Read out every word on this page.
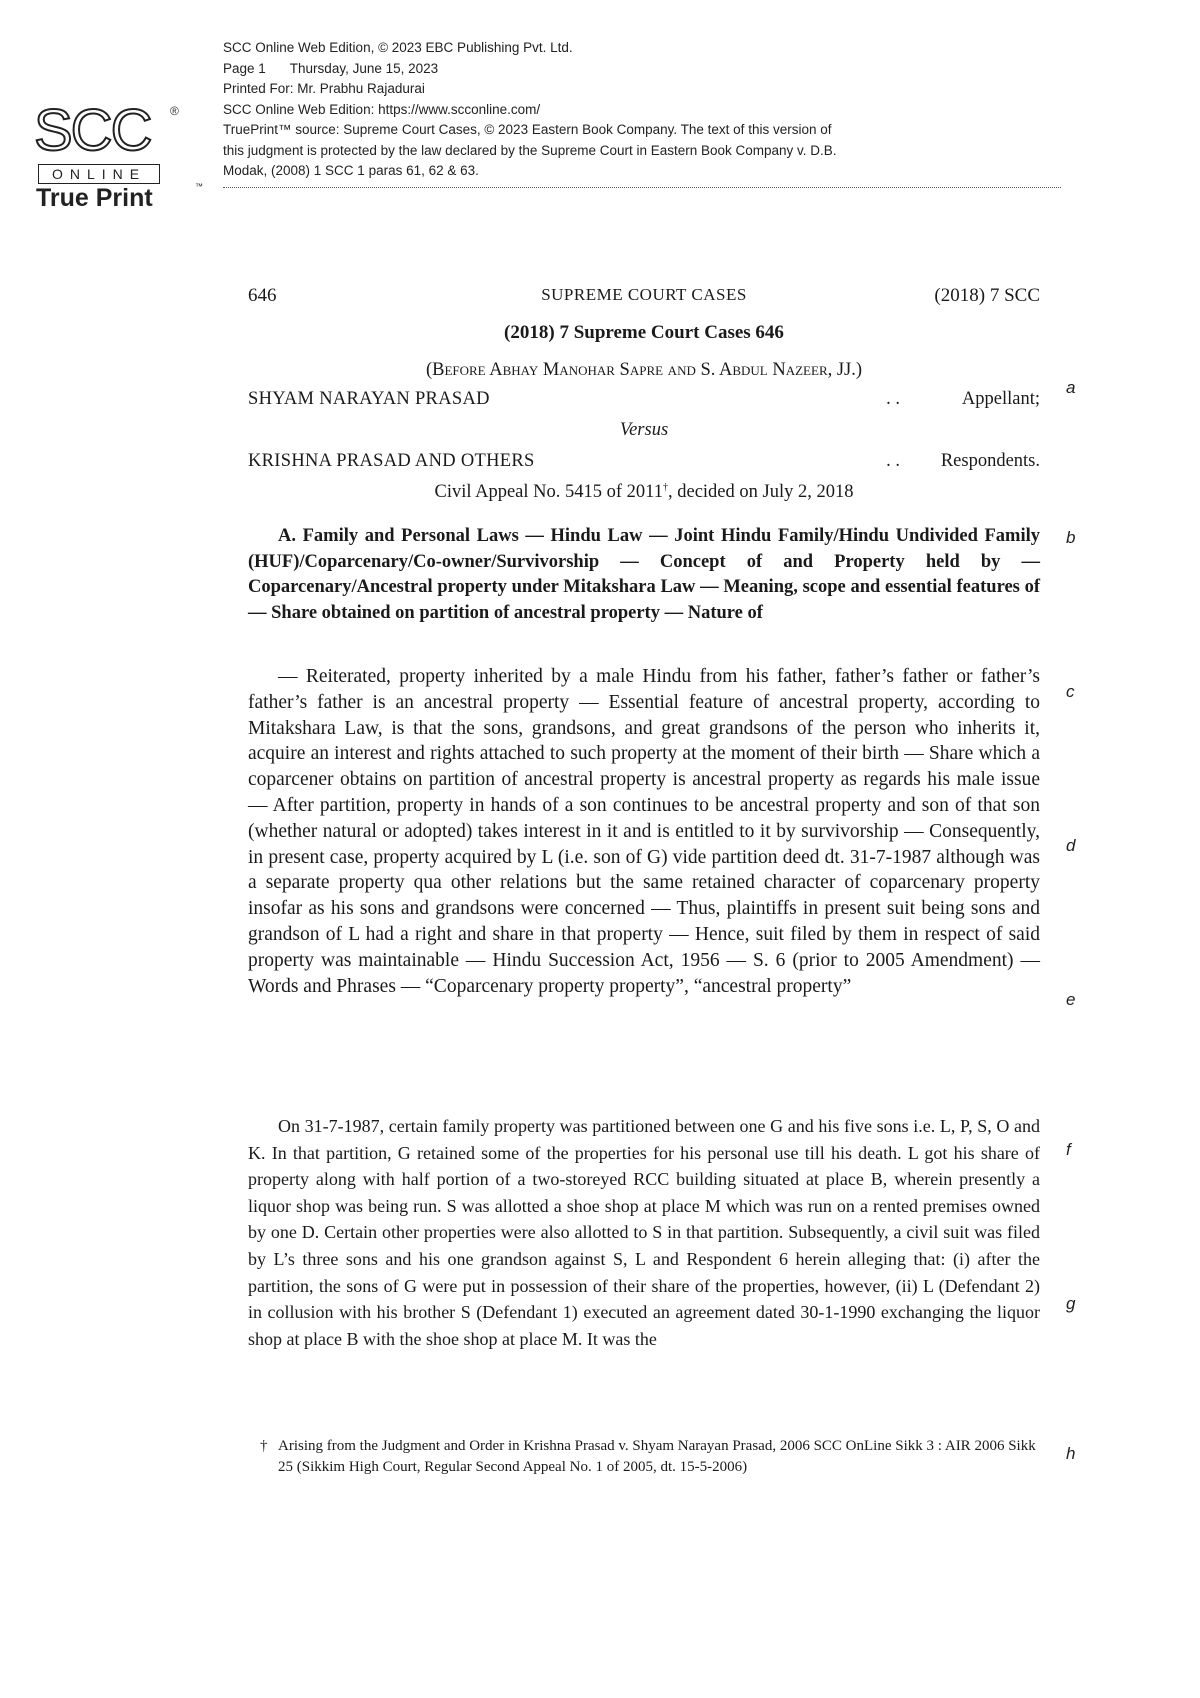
SCC	®
ONLINE
True Print	™
SCC Online Web Edition, © 2023 EBC Publishing Pvt. Ltd.
Page 1 Thursday, June 15, 2023
Printed For: Mr. Prabhu Rajadurai
SCC Online Web Edition: https://www.scconline.com/
TruePrint™ source: Supreme Court Cases, © 2023 Eastern Book Company. The text of this version of
this judgment is protected by the law declared by the Supreme Court in Eastern Book Company v. D.B.
Modak, (2008) 1 SCC 1 paras 61, 62 & 63.
646	SUPREME COURT CASES	(2018) 7 SCC
(2018) 7 Supreme Court Cases 646
(Before Abhay Manohar Sapre and S. Abdul Nazeer, JJ.)
SHYAM NARAYAN PRASAD	. .	Appellant;
Versus
KRISHNA PRASAD AND OTHERS	. . Respondents.
Civil Appeal No. 5415 of 2011†, decided on July 2, 2018

A. Family and Personal Laws — Hindu Law — Joint Hindu Family/Hindu Undivided Family (HUF)/Coparcenary/Co-owner/Survivorship — Concept of and Property held by — Coparcenary/Ancestral property under Mitakshara Law — Meaning, scope and essential features of — Share obtained on partition of ancestral property — Nature of

— Reiterated, property inherited by a male Hindu from his father, father’s father or father’s father’s father is an ancestral property — Essential feature of ancestral property, according to Mitakshara Law, is that the sons, grandsons, and great grandsons of the person who inherits it, acquire an interest and rights attached to such property at the moment of their birth — Share which a coparcener obtains on partition of ancestral property is ancestral property as regards his male issue — After partition, property in hands of a son continues to be ancestral property and son of that son (whether natural or adopted) takes interest in it and is entitled to it by survivorship — Consequently, in present case, property acquired by L (i.e. son of G) vide partition deed dt. 31-7-1987 although was a separate property qua other relations but the same retained character of coparcenary property insofar as his sons and grandsons were concerned — Thus, plaintiffs in present suit being sons and grandson of L had a right and share in that property — Hence, suit filed by them in respect of said property was maintainable — Hindu Succession Act, 1956 — S. 6 (prior to 2005 Amendment) — Words and Phrases — “Coparcenary property property”, “ancestral property”

On 31-7-1987, certain family property was partitioned between one G and his five sons i.e. L, P, S, O and K. In that partition, G retained some of the properties for his personal use till his death. L got his share of property along with half portion of a two-storeyed RCC building situated at place B, wherein presently a liquor shop was being run. S was allotted a shoe shop at place M which was run on a rented premises owned by one D. Certain other properties were also allotted to S in that partition. Subsequently, a civil suit was filed by L’s three sons and his one grandson against S, L and Respondent 6 herein alleging that: (i) after the partition, the sons of G were put in possession of their share of the properties, however, (ii) L (Defendant 2) in collusion with his brother S (Defendant 1) executed an agreement dated 30-1-1990 exchanging the liquor shop at place B with the shoe shop at place M. It was the

† Arising from the Judgment and Order in Krishna Prasad v. Shyam Narayan Prasad, 2006 SCC OnLine Sikk 3 : AIR 2006 Sikk 25 (Sikkim High Court, Regular Second Appeal No. 1 of 2005, dt. 15-5-2006)
a
b
c
d
e
f
g
h
